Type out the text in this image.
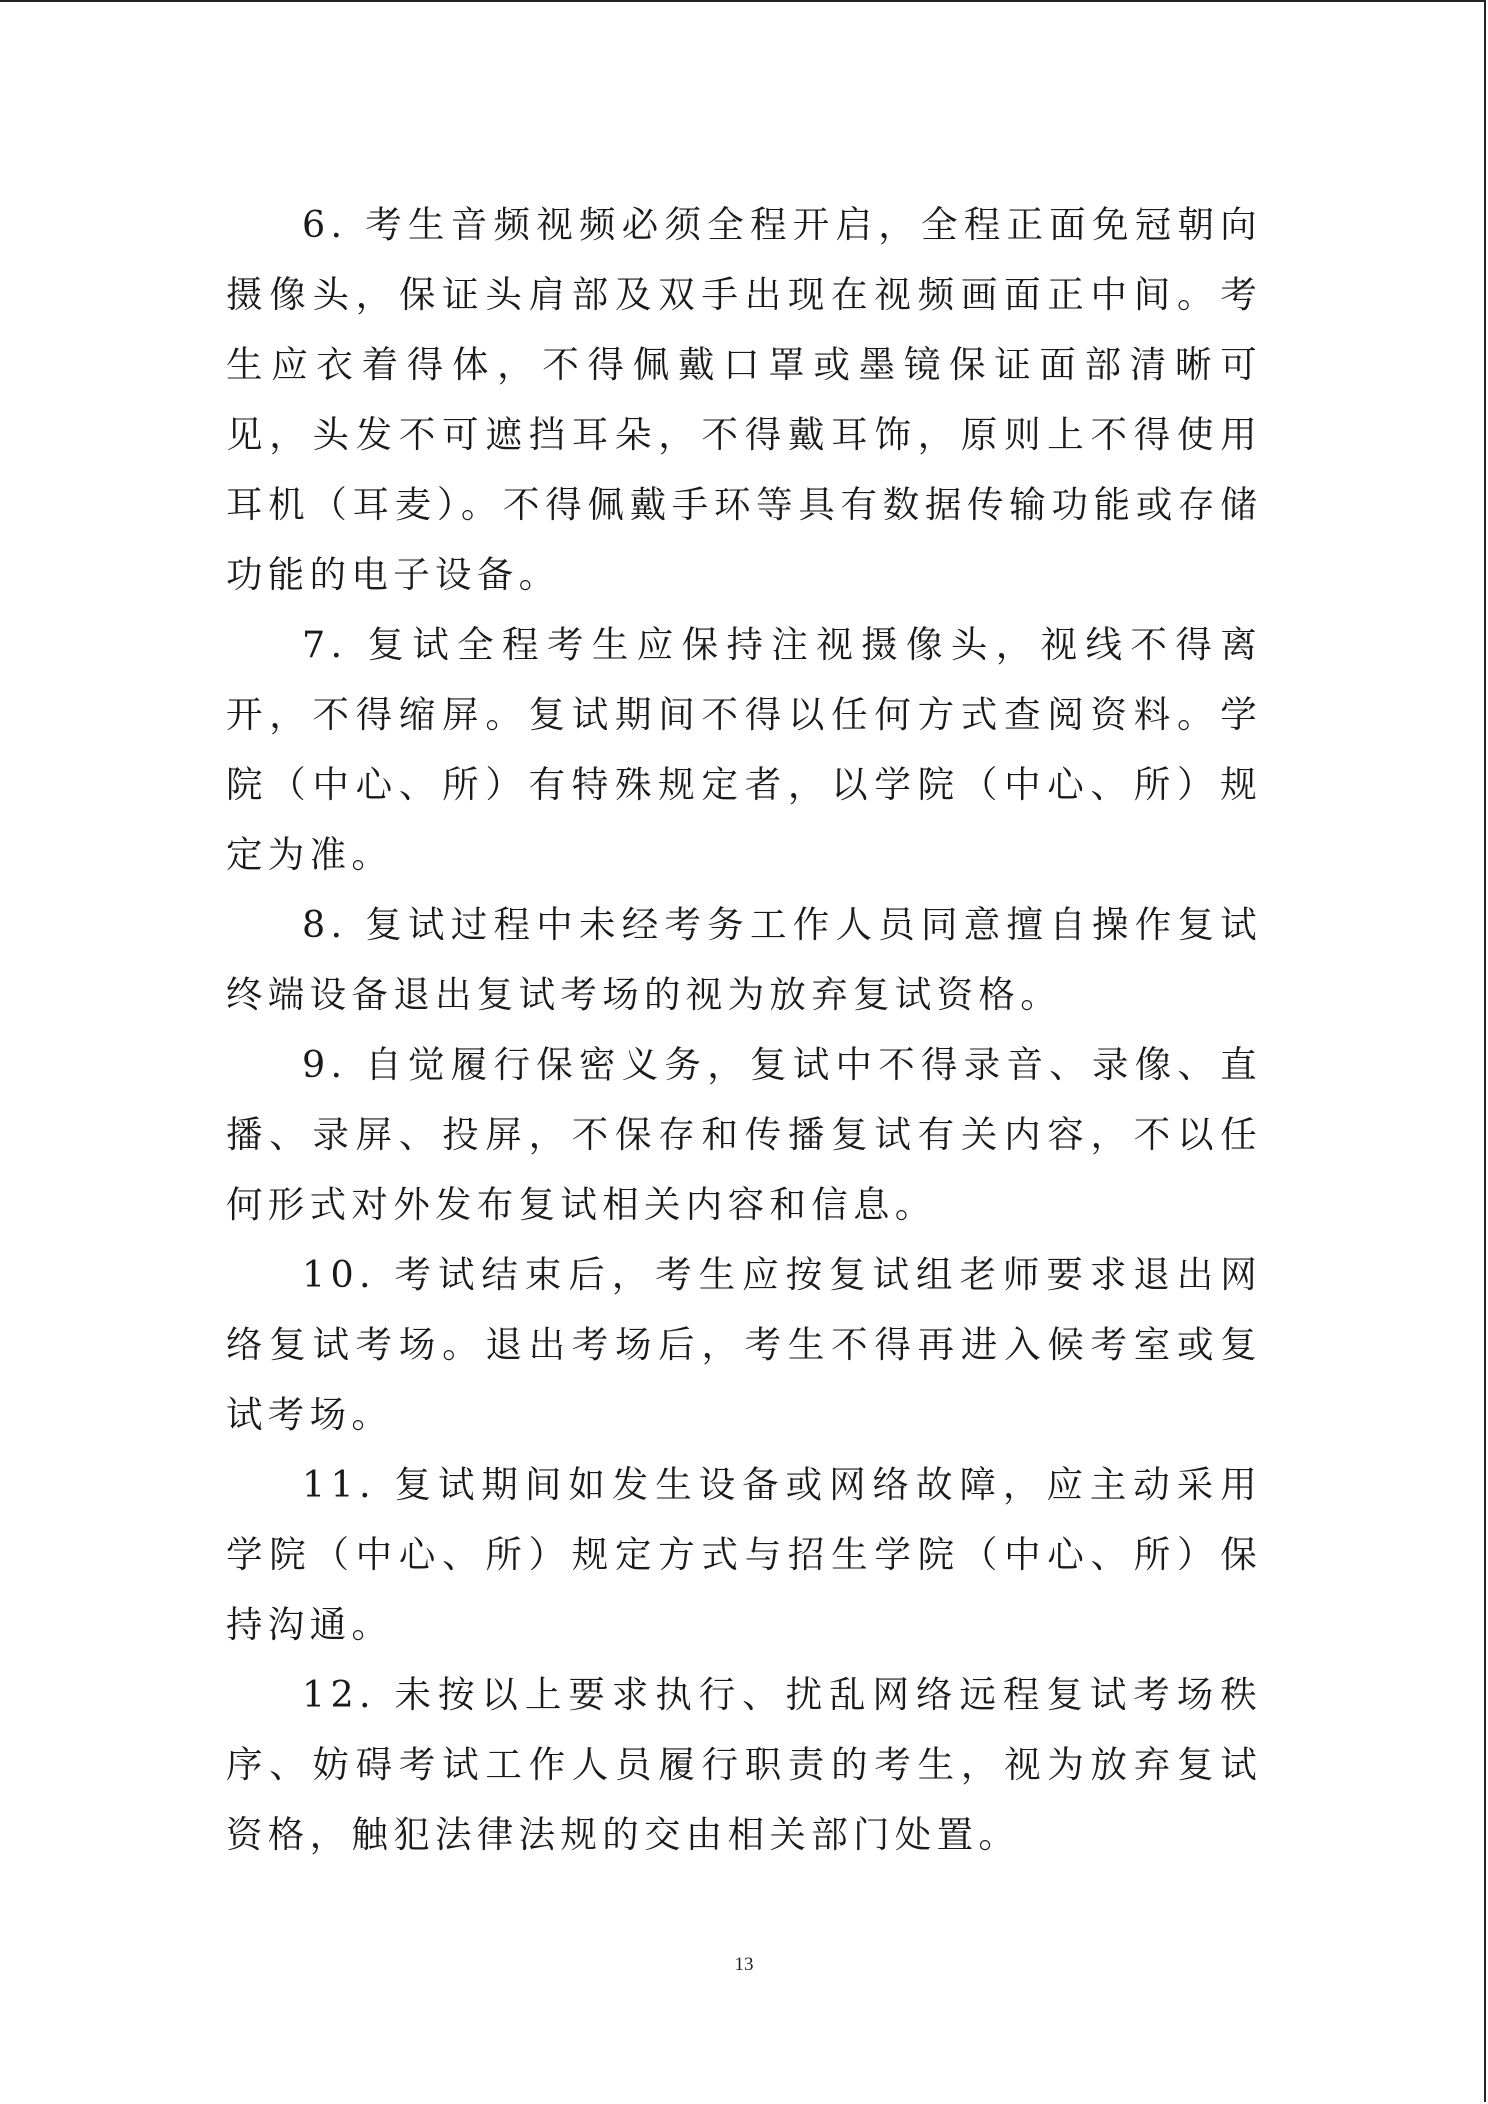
6. 考生音频视频必须全程开启，全程正面免冠朝向摄像头，保证头肩部及双手出现在视频画面正中间。考生应衣着得体，不得佩戴口罩或墨镜保证面部清晰可见，头发不可遮挡耳朵，不得戴耳饰，原则上不得使用耳机（耳麦）。不得佩戴手环等具有数据传输功能或存储功能的电子设备。

7. 复试全程考生应保持注视摄像头，视线不得离开，不得缩屏。复试期间不得以任何方式查阅资料。学院（中心、所）有特殊规定者，以学院（中心、所）规定为准。

8. 复试过程中未经考务工作人员同意擅自操作复试终端设备退出复试考场的视为放弃复试资格。

9. 自觉履行保密义务，复试中不得录音、录像、直播、录屏、投屏，不保存和传播复试有关内容，不以任何形式对外发布复试相关内容和信息。

10. 考试结束后，考生应按复试组老师要求退出网络复试考场。退出考场后，考生不得再进入候考室或复试考场。

11. 复试期间如发生设备或网络故障，应主动采用学院（中心、所）规定方式与招生学院（中心、所）保持沟通。

12. 未按以上要求执行、扰乱网络远程复试考场秩序、妨碍考试工作人员履行职责的考生，视为放弃复试资格，触犯法律法规的交由相关部门处置。

13
